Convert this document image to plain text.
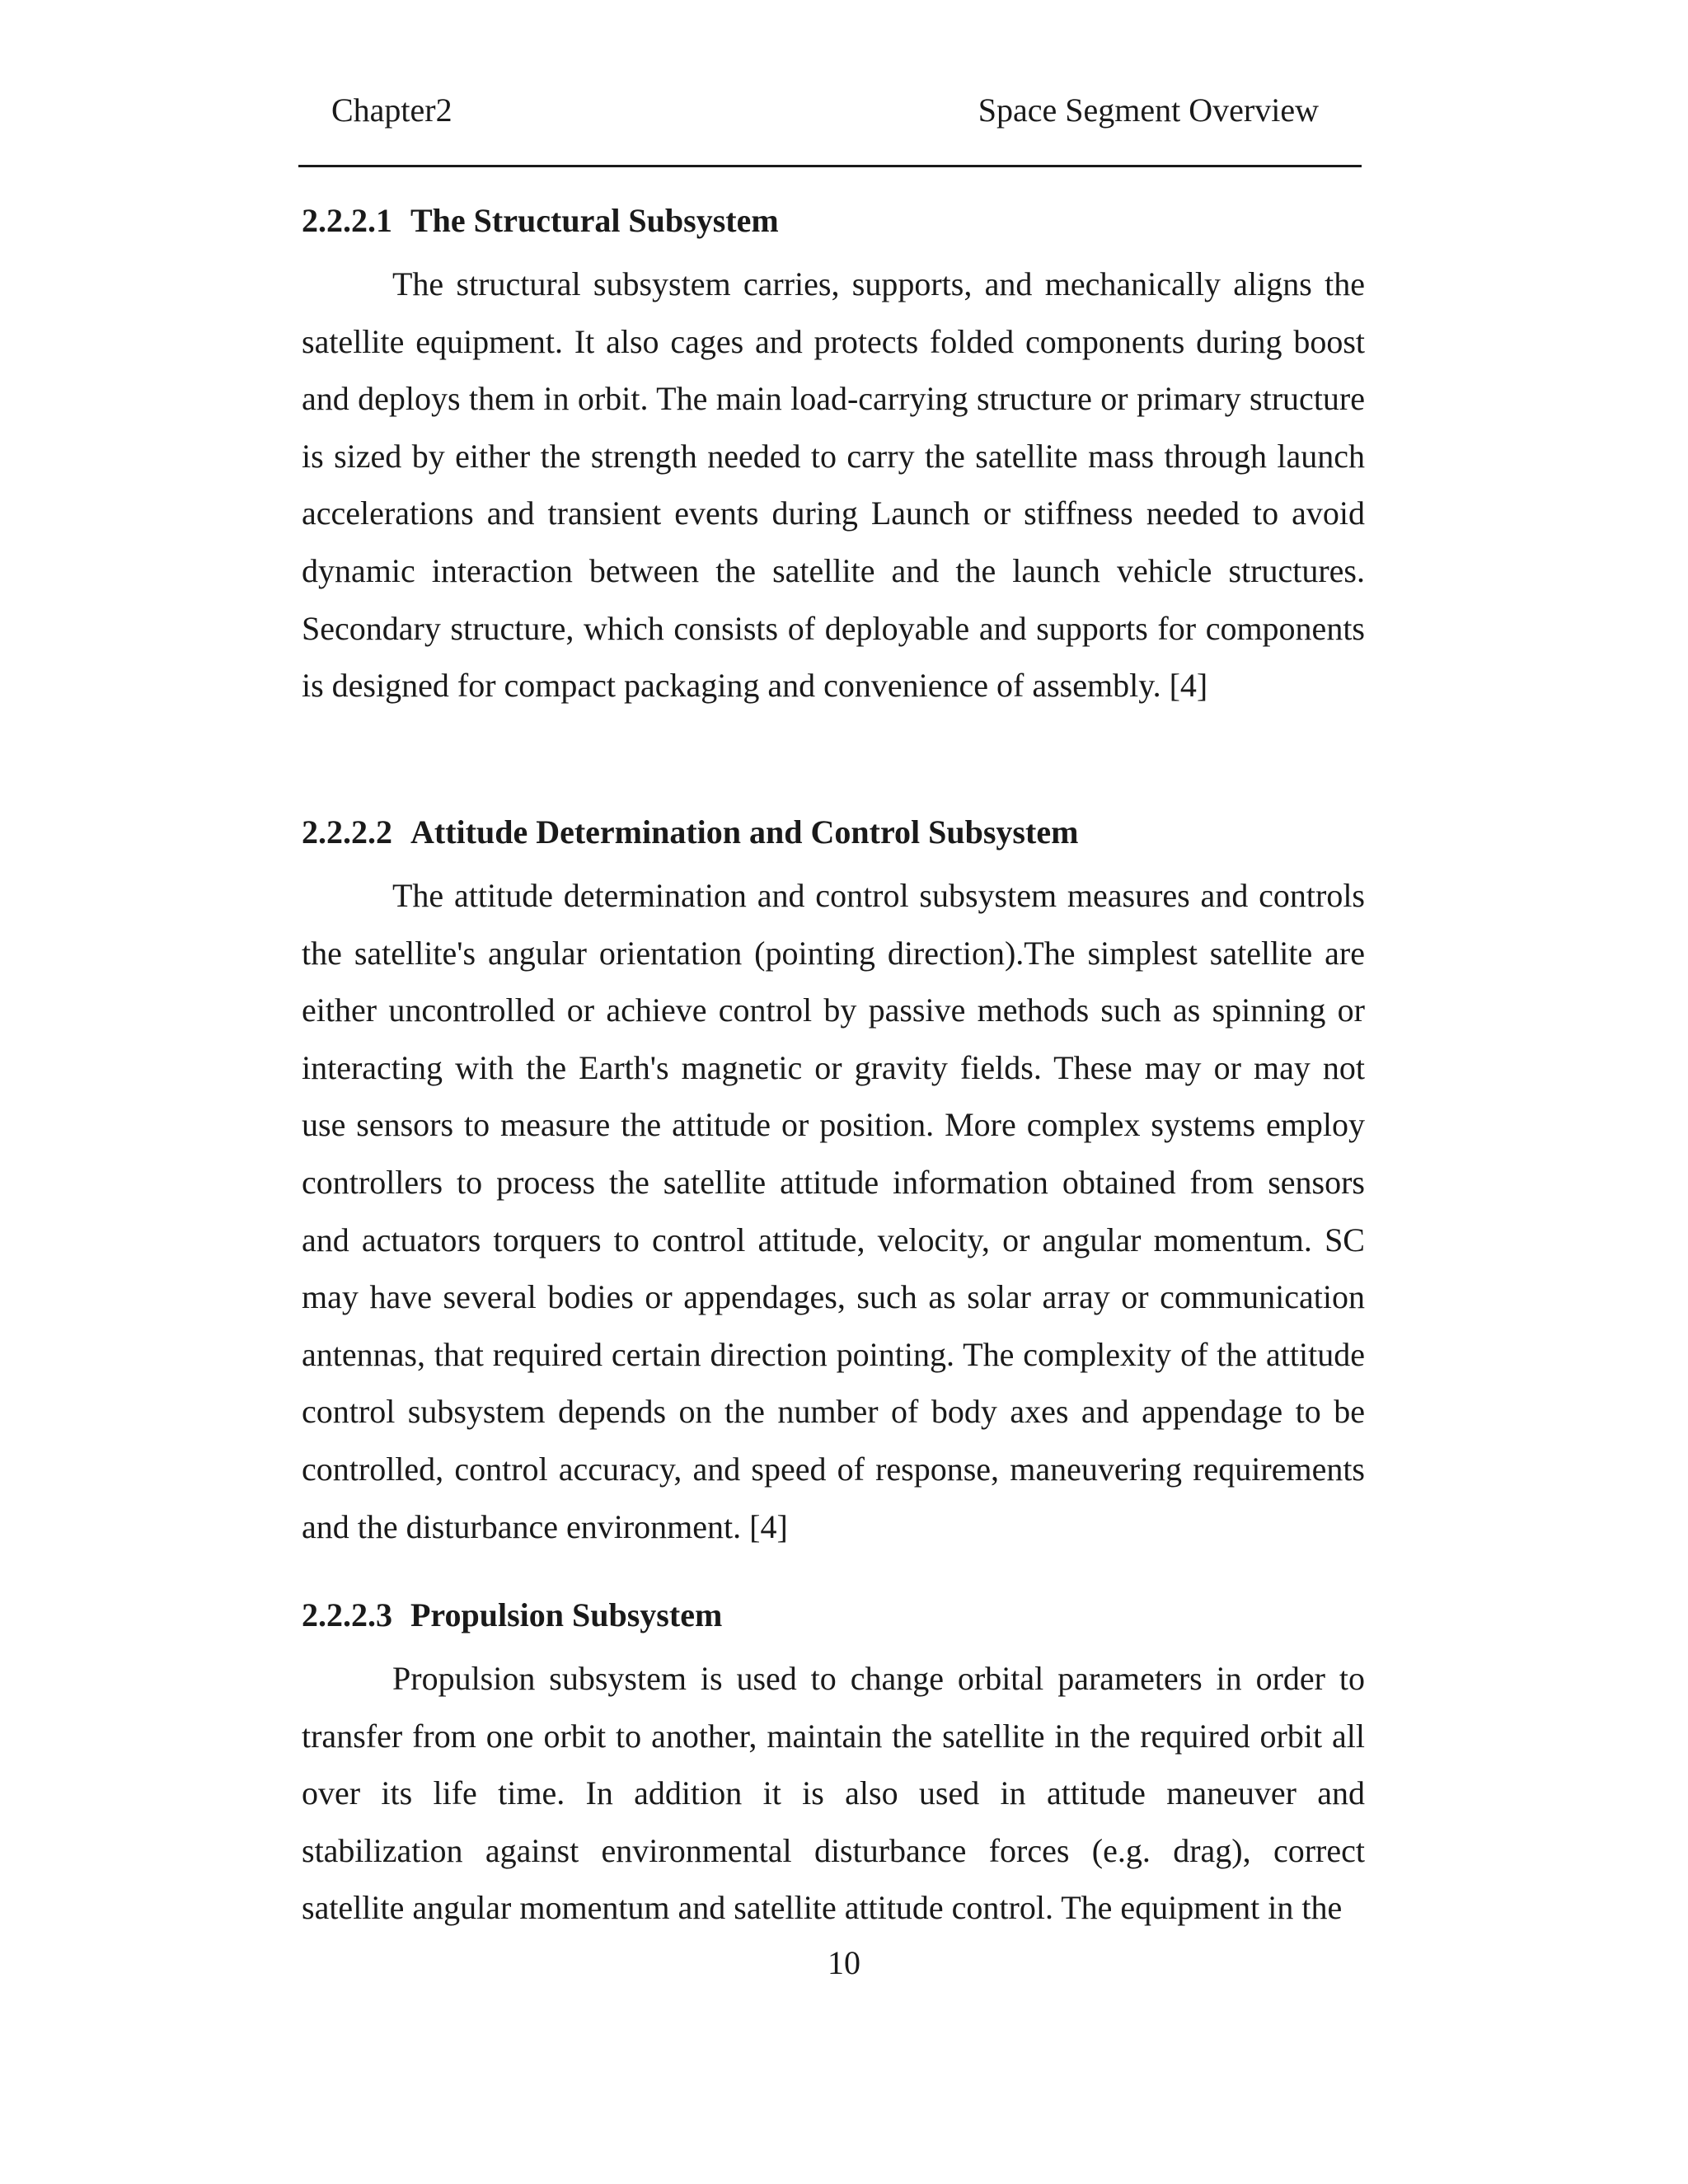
Chapter2	Space Segment Overview
2.2.2.1 The Structural Subsystem

The structural subsystem carries, supports, and mechanically aligns the satellite equipment. It also cages and protects folded components during boost and deploys them in orbit. The main load-carrying structure or primary structure is sized by either the strength needed to carry the satellite mass through launch accelerations and transient events during Launch or stiffness needed to avoid dynamic interaction between the satellite and the launch vehicle structures. Secondary structure, which consists of deployable and supports for components is designed for compact packaging and convenience of assembly. [4]

2.2.2.2 Attitude Determination and Control Subsystem

The attitude determination and control subsystem measures and controls the satellite's angular orientation (pointing direction).The simplest satellite are either uncontrolled or achieve control by passive methods such as spinning or interacting with the Earth's magnetic or gravity fields. These may or may not use sensors to measure the attitude or position. More complex systems employ controllers to process the satellite attitude information obtained from sensors and actuators torquers to control attitude, velocity, or angular momentum. SC may have several bodies or appendages, such as solar array or communication antennas, that required certain direction pointing. The complexity of the attitude control subsystem depends on the number of body axes and appendage to be controlled, control accuracy, and speed of response, maneuvering requirements and the disturbance environment. [4]

2.2.2.3 Propulsion Subsystem

Propulsion subsystem is used to change orbital parameters in order to transfer from one orbit to another, maintain the satellite in the required orbit all over its life time. In addition it is also used in attitude maneuver and stabilization against environmental disturbance forces (e.g. drag), correct satellite angular momentum and satellite attitude control. The equipment in the

10
